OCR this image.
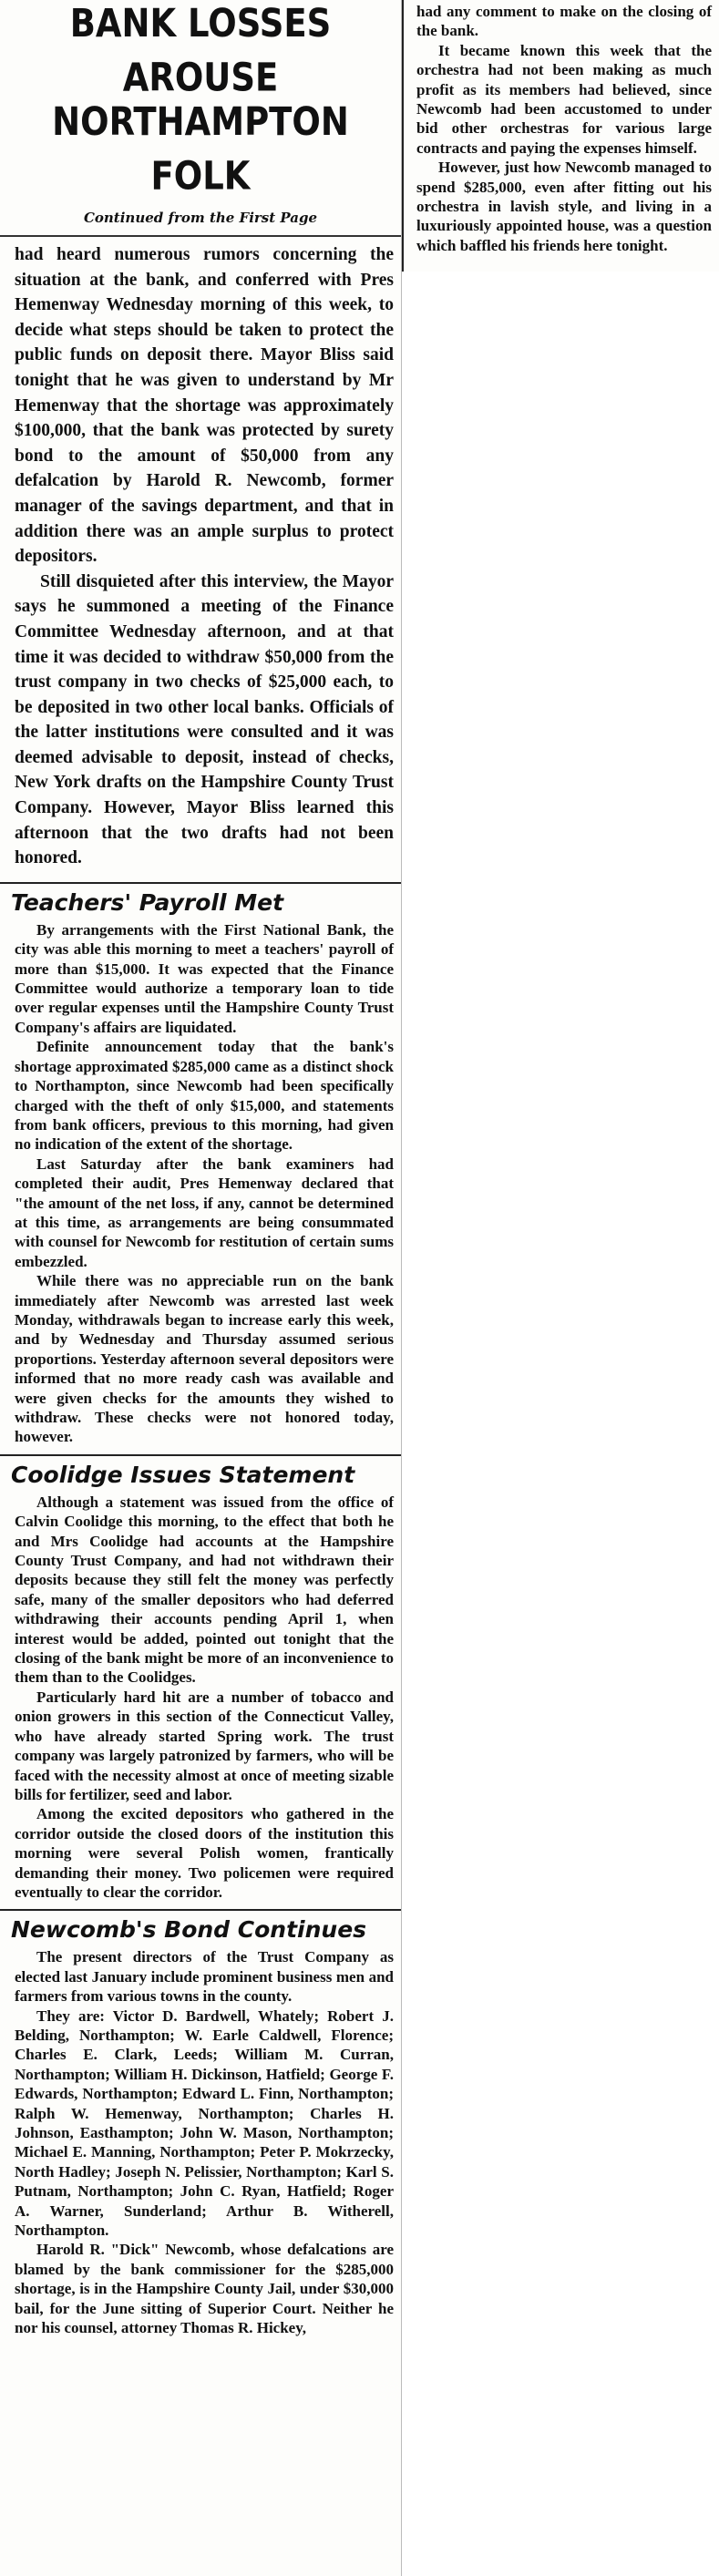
BANK LOSSES AROUSE
NORTHAMPTON FOLK
Continued from the First Page

had heard numerous rumors concerning the situation at the bank, and conferred with Pres Hemenway Wednesday morning of this week, to decide what steps should be taken to protect the public funds on deposit there. Mayor Bliss said tonight that he was given to understand by Mr Hemenway that the shortage was approximately $100,000, that the bank was protected by surety bond to the amount of $50,000 from any defalcation by Harold R. Newcomb, former manager of the savings department, and that in addition there was an ample surplus to protect depositors.

Still disquieted after this interview, the Mayor says he summoned a meeting of the Finance Committee Wednesday afternoon, and at that time it was decided to withdraw $50,000 from the trust company in two checks of $25,000 each, to be deposited in two other local banks. Officials of the latter institutions were consulted and it was deemed advisable to deposit, instead of checks, New York drafts on the Hampshire County Trust Company. However, Mayor Bliss learned this afternoon that the two drafts had not been honored.

Teachers' Payroll Met

By arrangements with the First National Bank, the city was able this morning to meet a teachers' payroll of more than $15,000. It was expected that the Finance Committee would authorize a temporary loan to tide over regular expenses until the Hampshire County Trust Company's affairs are liquidated.

Definite announcement today that the bank's shortage approximated $285,000 came as a distinct shock to Northampton, since Newcomb had been specifically charged with the theft of only $15,000, and statements from bank officers, previous to this morning, had given no indication of the extent of the shortage.

Last Saturday after the bank examiners had completed their audit, Pres Hemenway declared that "the amount of the net loss, if any, cannot be determined at this time, as arrangements are being consummated with counsel for Newcomb for restitution of certain sums embezzled.

While there was no appreciable run on the bank immediately after Newcomb was arrested last week Monday, withdrawals began to increase early this week, and by Wednesday and Thursday assumed serious proportions. Yesterday afternoon several depositors were informed that no more ready cash was available and were given checks for the amounts they wished to withdraw. These checks were not honored today, however.

Coolidge Issues Statement

Although a statement was issued from the office of Calvin Coolidge this morning, to the effect that both he and Mrs Coolidge had accounts at the Hampshire County Trust Company, and had not withdrawn their deposits because they still felt the money was perfectly safe, many of the smaller depositors who had deferred withdrawing their accounts pending April 1, when interest would be added, pointed out tonight that the closing of the bank might be more of an inconvenience to them than to the Coolidges.

Particularly hard hit are a number of tobacco and onion growers in this section of the Connecticut Valley, who have already started Spring work. The trust company was largely patronized by farmers, who will be faced with the necessity almost at once of meeting sizable bills for fertilizer, seed and labor.

Among the excited depositors who gathered in the corridor outside the closed doors of the institution this morning were several Polish women, frantically demanding their money. Two policemen were required eventually to clear the corridor.

Newcomb's Bond Continues

The present directors of the Trust Company as elected last January include prominent business men and farmers from various towns in the county.

They are: Victor D. Bardwell, Whately; Robert J. Belding, Northampton; W. Earle Caldwell, Florence; Charles E. Clark, Leeds; William M. Curran, Northampton; William H. Dickinson, Hatfield; George F. Edwards, Northampton; Edward L. Finn, Northampton; Ralph W. Hemenway, Northampton; Charles H. Johnson, Easthampton; John W. Mason, Northampton; Michael E. Manning, Northampton; Peter P. Mokrzecky, North Hadley; Joseph N. Pelissier, Northampton; Karl S. Putnam, Northampton; John C. Ryan, Hatfield; Roger A. Warner, Sunderland; Arthur B. Witherell, Northampton.

Harold R. "Dick" Newcomb, whose defalcations are blamed by the bank commissioner for the $285,000 shortage, is in the Hampshire County Jail, under $30,000 bail, for the June sitting of Superior Court. Neither he nor his counsel, attorney Thomas R. Hickey,

had any comment to make on the closing of the bank.

It became known this week that the orchestra had not been making as much profit as its members had believed, since Newcomb had been accustomed to under bid other orchestras for various large contracts and paying the expenses himself.

However, just how Newcomb managed to spend $285,000, even after fitting out his orchestra in lavish style, and living in a luxuriously appointed house, was a question which baffled his friends here tonight.
